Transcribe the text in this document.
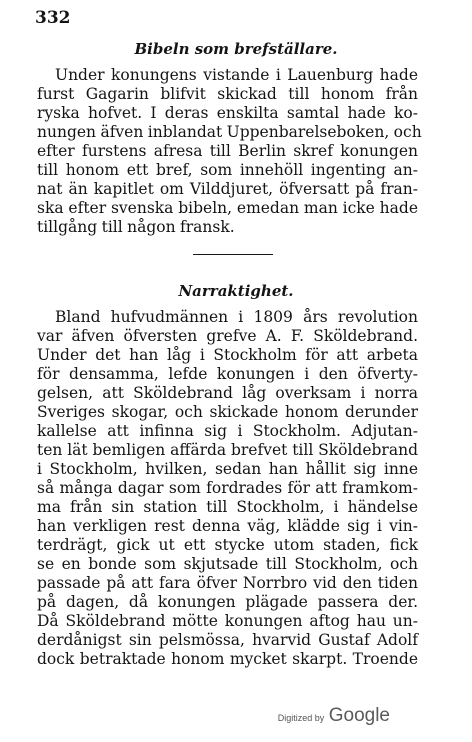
332
Bibeln som brefställare.
Under konungens vistande i Lauenburg hade
furst Gagarin blifvit skickad till honom från
ryska hofvet. I deras enskilta samtal hade ko-
nungen äfven inblandat Uppenbarelseboken, och
efter furstens afresa till Berlin skref konungen
till honom ett bref, som innehöll ingenting an-
nat än kapitlet om Vilddjuret, öfversatt på fran-
ska efter svenska bibeln, emedan man icke hade
tillgång till någon fransk.
Narraktighet.
Bland hufvudmännen i 1809 års revolution
var äfven öfversten grefve A. F. Sköldebrand.
Under det han låg i Stockholm för att arbeta
för densamma, lefde konungen i den öfverty-
gelsen, att Sköldebrand låg overksam i norra
Sveriges skogar, och skickade honom derunder
kallelse att infinna sig i Stockholm. Adjutan-
ten lät bemligen affärda brefvet till Sköldebrand
i Stockholm, hvilken, sedan han hållit sig inne
så många dagar som fordrades för att framkom-
ma från sin station till Stockholm, i händelse
han verkligen rest denna väg, klädde sig i vin-
terdrägt, gick ut ett stycke utom staden, fick
se en bonde som skjutsade till Stockholm, och
passade på att fara öfver Norrbro vid den tiden
på dagen, då konungen plägade passera der.
Då Sköldebrand mötte konungen aftog hau un-
derdånigst sin pelsmössa, hvarvid Gustaf Adolf
dock betraktade honom mycket skarpt. Troende
Digitized by Google
